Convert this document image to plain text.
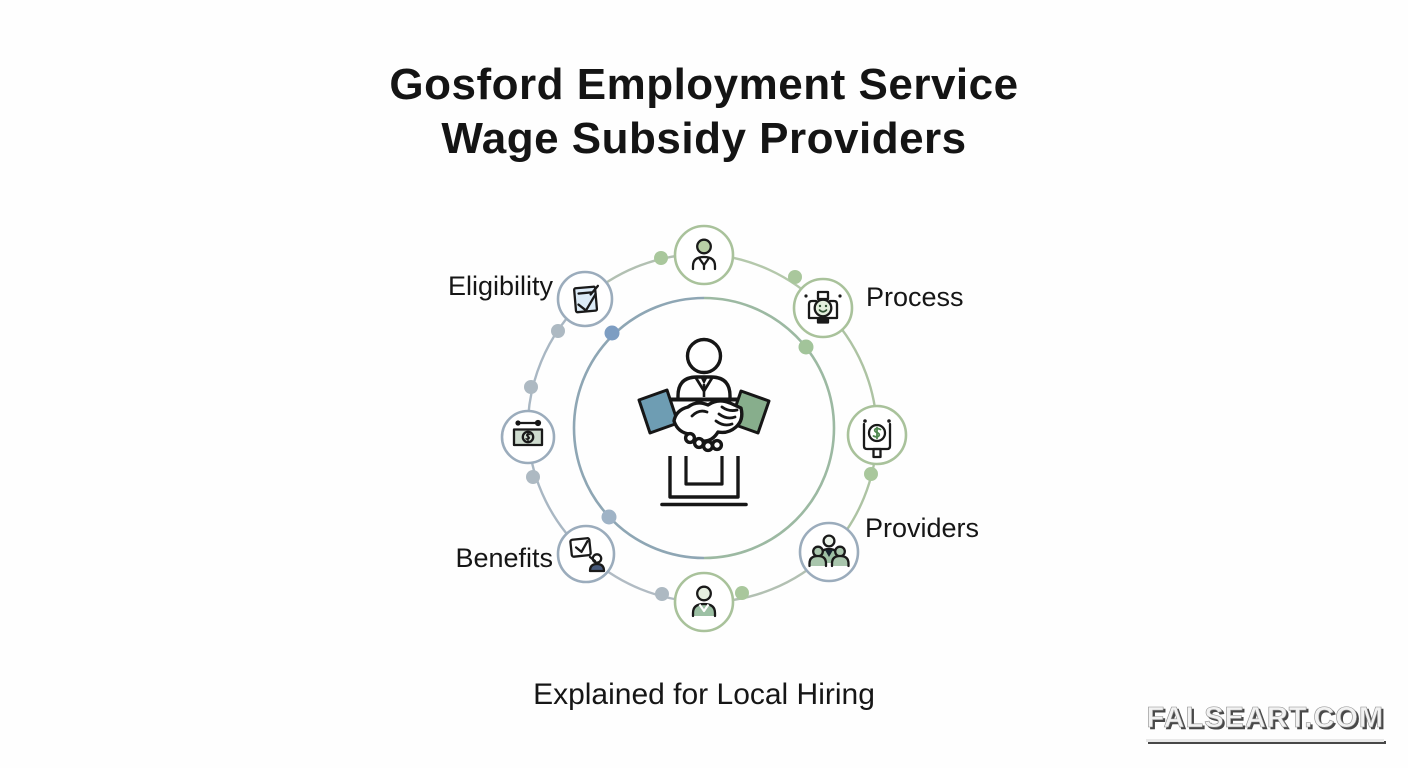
Gosford Employment Service
Wage Subsidy Providers
Eligibility	Process
Providers
Benefits
Explained for Local Hiring
FALSEART.COM
